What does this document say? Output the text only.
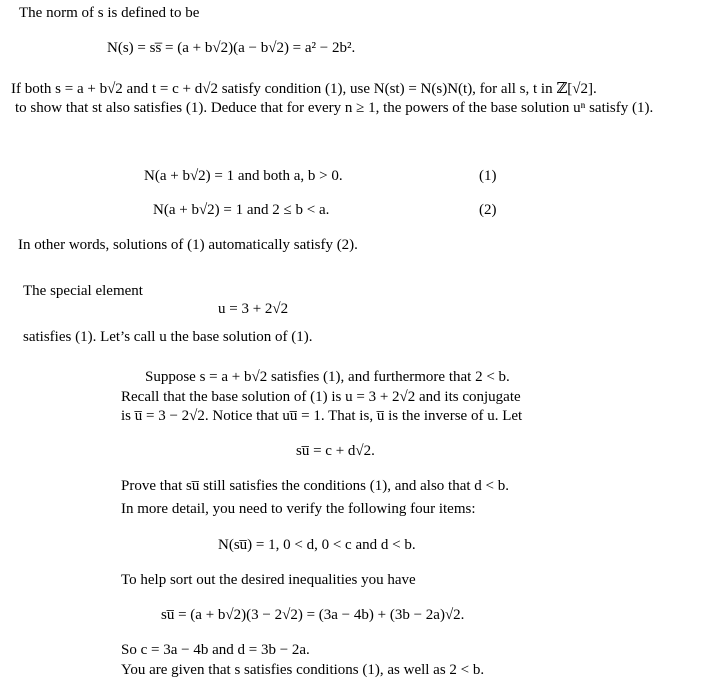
The norm of s is defined to be
N(s) = ss̅ = (a + b√2)(a − b√2) = a² − 2b².
If both s = a + b√2 and t = c + d√2 satisfy condition (1), use N(st) = N(s)N(t), for all s, t in ℤ[√2].
to show that st also satisfies (1). Deduce that for every n ≥ 1, the powers of the base solution uⁿ satisfy (1).
N(a + b√2) = 1 and both a, b > 0.	(1)
N(a + b√2) = 1 and 2 ≤ b < a.	(2)
In other words, solutions of (1) automatically satisfy (2).
The special element
u = 3 + 2√2
satisfies (1). Let’s call u the base solution of (1).
Suppose s = a + b√2 satisfies (1), and furthermore that 2 < b.
Recall that the base solution of (1) is u = 3 + 2√2 and its conjugate
is u̅ = 3 − 2√2. Notice that uu̅ = 1. That is, u̅ is the inverse of u. Let
su̅ = c + d√2.
Prove that su̅ still satisfies the conditions (1), and also that d < b.
In more detail, you need to verify the following four items:
N(su̅) = 1, 0 < d, 0 < c and d < b.
To help sort out the desired inequalities you have
su̅ = (a + b√2)(3 − 2√2) = (3a − 4b) + (3b − 2a)√2.
So c = 3a − 4b and d = 3b − 2a.
You are given that s satisfies conditions (1), as well as 2 < b.
